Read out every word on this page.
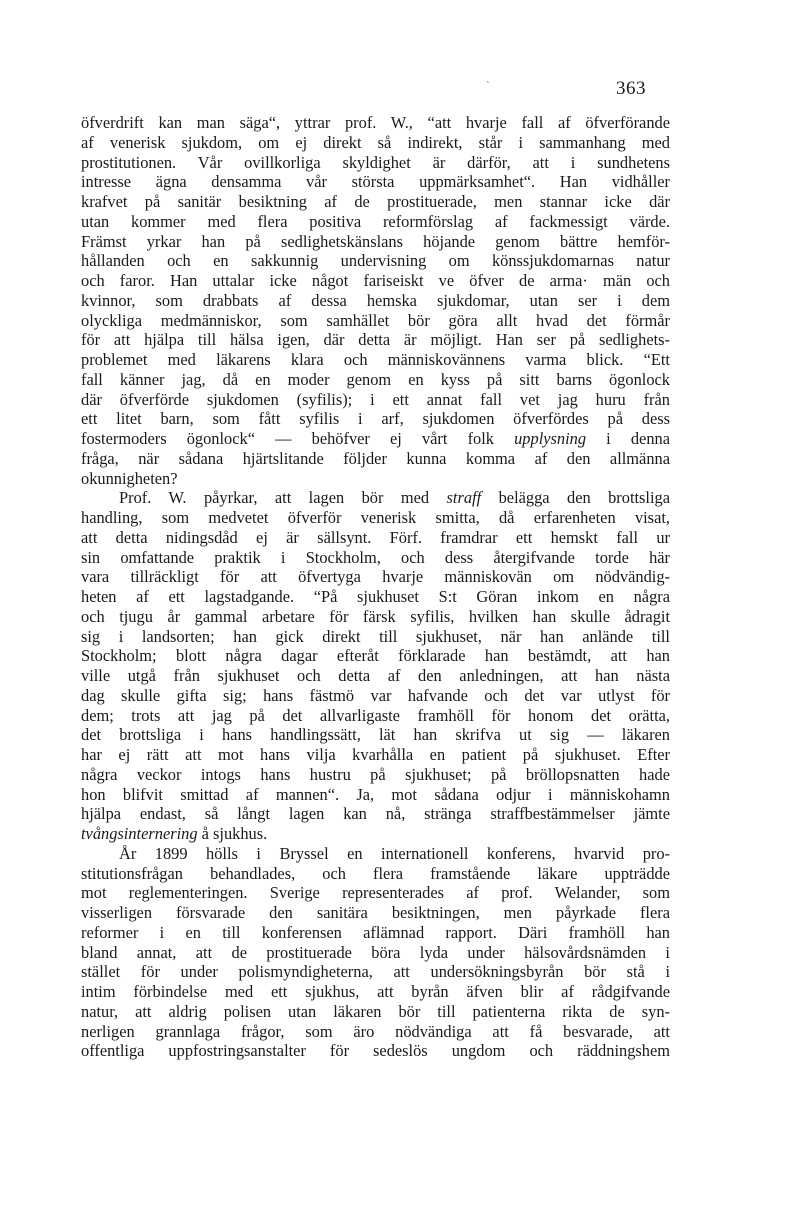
`	363
öfverdrift kan man säga“, yttrar prof. W., “att hvarje fall af öfverförande
af venerisk sjukdom, om ej direkt så indirekt, står i sammanhang med
prostitutionen. Vår ovillkorliga skyldighet är därför, att i sundhetens
intresse ägna densamma vår största uppmärksamhet“. Han vidhåller
krafvet på sanitär besiktning af de prostituerade, men stannar icke där
utan kommer med flera positiva reformförslag af fackmessigt värde.
Främst yrkar han på sedlighetskänslans höjande genom bättre hemför-
hållanden och en sakkunnig undervisning om könssjukdomarnas natur
och faror. Han uttalar icke något fariseiskt ve öfver de arma· män och
kvinnor, som drabbats af dessa hemska sjukdomar, utan ser i dem
olyckliga medmänniskor, som samhället bör göra allt hvad det förmår
för att hjälpa till hälsa igen, där detta är möjligt. Han ser på sedlighets-
problemet med läkarens klara och människovännens varma blick. “Ett
fall känner jag, då en moder genom en kyss på sitt barns ögonlock
där öfverförde sjukdomen (syfilis); i ett annat fall vet jag huru från
ett litet barn, som fått syfilis i arf, sjukdomen öfverfördes på dess
fostermoders ögonlock“ — behöfver ej vårt folk upplysning i denna
fråga, när sådana hjärtslitande följder kunna komma af den allmänna
okunnigheten?
Prof. W. påyrkar, att lagen bör med straff belägga den brottsliga
handling, som medvetet öfverför venerisk smitta, då erfarenheten visat,
att detta nidingsdåd ej är sällsynt. Förf. framdrar ett hemskt fall ur
sin omfattande praktik i Stockholm, och dess återgifvande torde här
vara tillräckligt för att öfvertyga hvarje människovän om nödvändig-
heten af ett lagstadgande. “På sjukhuset S:t Göran inkom en några
och tjugu år gammal arbetare för färsk syfilis, hvilken han skulle ådragit
sig i landsorten; han gick direkt till sjukhuset, när han anlände till
Stockholm; blott några dagar efteråt förklarade han bestämdt, att han
ville utgå från sjukhuset och detta af den anledningen, att han nästa
dag skulle gifta sig; hans fästmö var hafvande och det var utlyst för
dem; trots att jag på det allvarligaste framhöll för honom det orätta,
det brottsliga i hans handlingssätt, lät han skrifva ut sig — läkaren
har ej rätt att mot hans vilja kvarhålla en patient på sjukhuset. Efter
några veckor intogs hans hustru på sjukhuset; på bröllopsnatten hade
hon blifvit smittad af mannen“. Ja, mot sådana odjur i människohamn
hjälpa endast, så långt lagen kan nå, stränga straffbestämmelser jämte
tvångsinternering å sjukhus.
År 1899 hölls i Bryssel en internationell konferens, hvarvid pro-
stitutionsfrågan behandlades, och flera framstående läkare uppträdde
mot reglementeringen. Sverige representerades af prof. Welander, som
visserligen försvarade den sanitära besiktningen, men påyrkade flera
reformer i en till konferensen aflämnad rapport. Däri framhöll han
bland annat, att de prostituerade böra lyda under hälsovårdsnämden i
stället för under polismyndigheterna, att undersökningsbyrån bör stå i
intim förbindelse med ett sjukhus, att byrån äfven blir af rådgifvande
natur, att aldrig polisen utan läkaren bör till patienterna rikta de syn-
nerligen grannlaga frågor, som äro nödvändiga att få besvarade, att
offentliga uppfostringsanstalter för sedeslös ungdom och räddningshem
